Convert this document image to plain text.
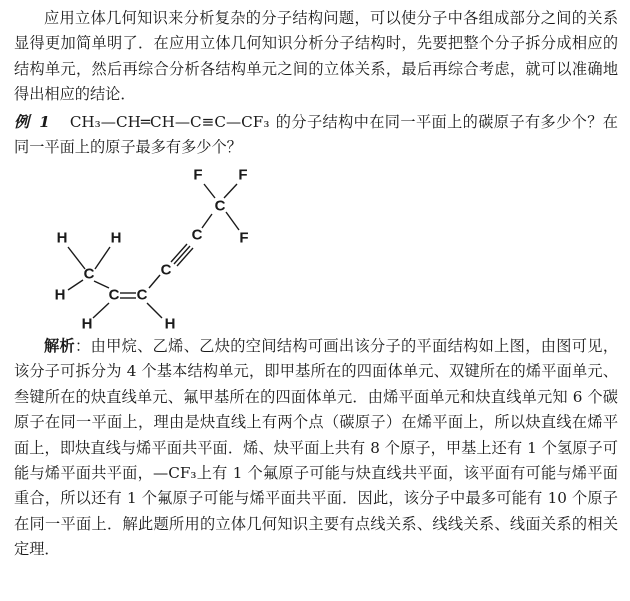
应用立体几何知识来分析复杂的分子结构问题，可以使分子中各组成部分之间的关系显得更加简单明了．在应用立体几何知识分析分子结构时，先要把整个分子拆分成相应的结构单元，然后再综合分析各结构单元之间的立体关系，最后再综合考虑，就可以准确地得出相应的结论．

例 1 CH₃—CH═CH—C≡C—CF₃ 的分子结构中在同一平面上的碳原子有多少个？在同一平面上的原子最多有多少个？

H	H
C
H	C C
H	H
C
C
C
F F
F

解析：由甲烷、乙烯、乙炔的空间结构可画出该分子的平面结构如上图，由图可见，该分子可拆分为 4 个基本结构单元，即甲基所在的四面体单元、双键所在的烯平面单元、叁键所在的炔直线单元、氟甲基所在的四面体单元．由烯平面单元和炔直线单元知 6 个碳原子在同一平面上，理由是炔直线上有两个点（碳原子）在烯平面上，所以炔直线在烯平面上，即炔直线与烯平面共平面．烯、炔平面上共有 8 个原子，甲基上还有 1 个氢原子可能与烯平面共平面，—CF₃上有 1 个氟原子可能与炔直线共平面，该平面有可能与烯平面重合，所以还有 1 个氟原子可能与烯平面共平面．因此，该分子中最多可能有 10 个原子在同一平面上．解此题所用的立体几何知识主要有点线关系、线线关系、线面关系的相关定理．
